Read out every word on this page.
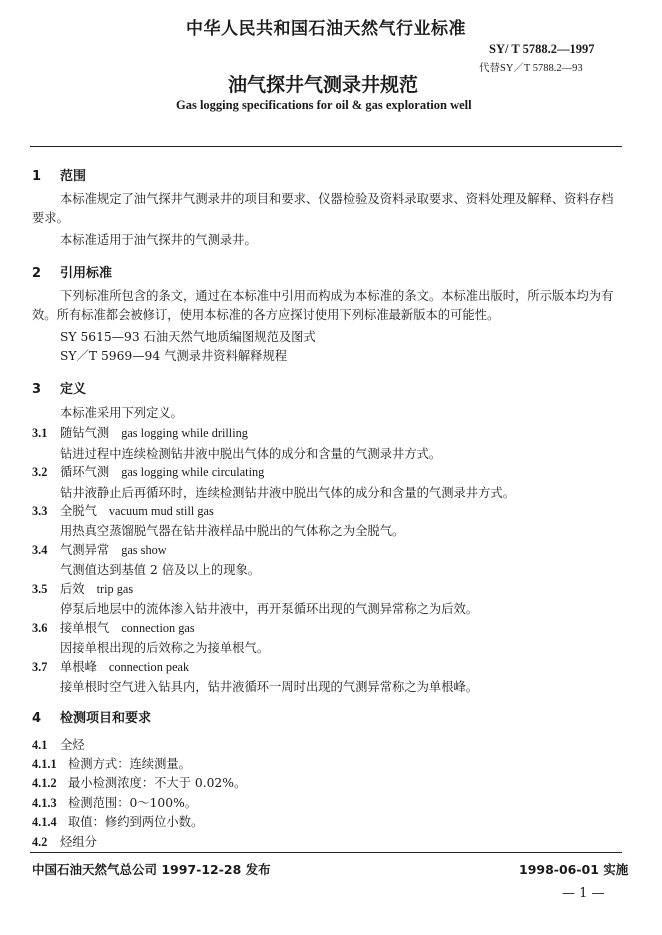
中华人民共和国石油天然气行业标准
SY/ T 5788.2—1997
代替SY／T 5788.2—93
油气探井气测录井规范
Gas logging specifications for oil & gas exploration well
1 范围
本标准规定了油气探井气测录井的项目和要求、仪器检验及资料录取要求、资料处理及解释、资料存档要求。
本标准适用于油气探井的气测录井。
2 引用标准
下列标准所包含的条文，通过在本标准中引用而构成为本标准的条文。本标准出版时，所示版本均为有效。所有标准都会被修订，使用本标准的各方应探讨使用下列标准最新版本的可能性。
SY 5615—93 石油天然气地质编图规范及图式
SY／T 5969—94 气测录井资料解释规程
3 定义
本标准采用下列定义。
3.1 随钻气测 gas logging while drilling
钻进过程中连续检测钻井液中脱出气体的成分和含量的气测录井方式。
3.2 循环气测 gas logging while circulating
钻井液静止后再循环时，连续检测钻井液中脱出气体的成分和含量的气测录井方式。
3.3 全脱气 vacuum mud still gas
用热真空蒸馏脱气器在钻井液样品中脱出的气体称之为全脱气。
3.4 气测异常 gas show
气测值达到基值 2 倍及以上的现象。
3.5 后效 trip gas
停泵后地层中的流体渗入钻井液中，再开泵循环出现的气测异常称之为后效。
3.6 接单根气 connection gas
因接单根出现的后效称之为接单根气。
3.7 单根峰 connection peak
接单根时空气进入钻具内，钻井液循环一周时出现的气测异常称之为单根峰。
4 检测项目和要求
4.1 全烃
4.1.1 检测方式：连续测量。
4.1.2 最小检测浓度：不大于 0.02%。
4.1.3 检测范围：0～100%。
4.1.4 取值：修约到两位小数。
4.2 烃组分
中国石油天然气总公司 1997-12-28 发布	1998-06-01 实施
— 1 —
